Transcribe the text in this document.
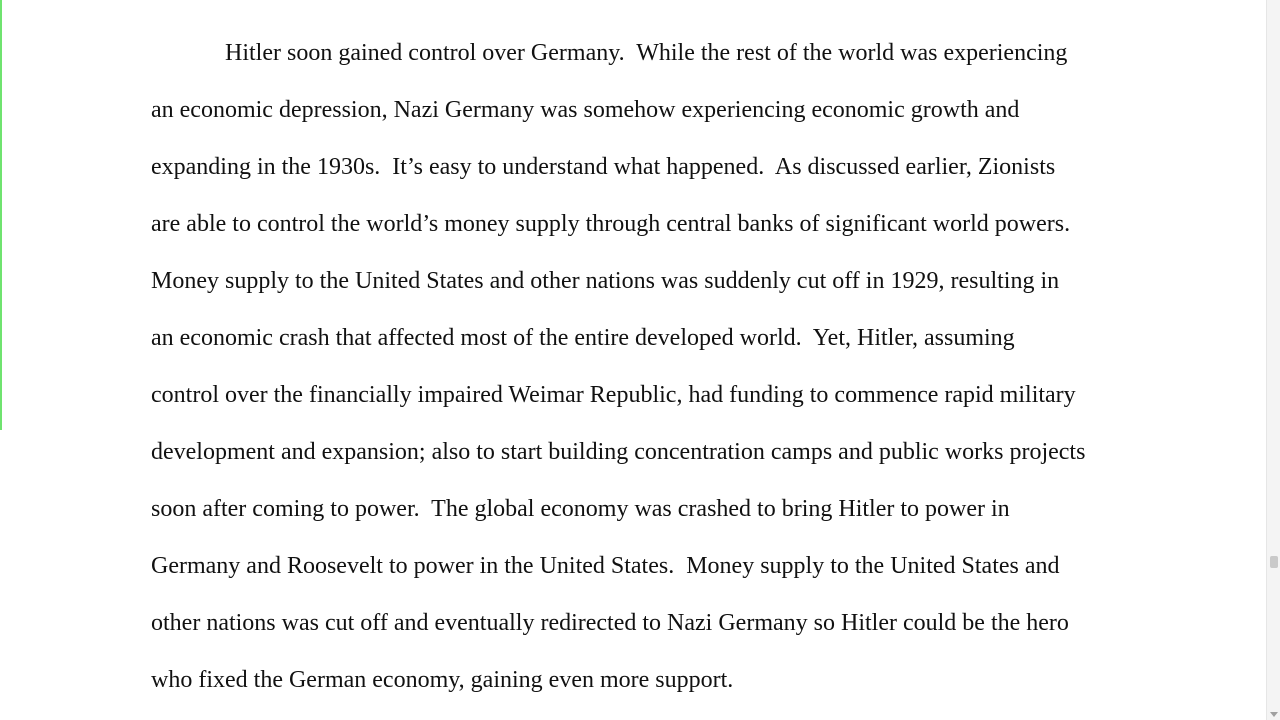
Hitler soon gained control over Germany.  While the rest of the world was experiencing
an economic depression, Nazi Germany was somehow experiencing economic growth and
expanding in the 1930s.  It’s easy to understand what happened.  As discussed earlier, Zionists
are able to control the world’s money supply through central banks of significant world powers.
Money supply to the United States and other nations was suddenly cut off in 1929, resulting in
an economic crash that affected most of the entire developed world.  Yet, Hitler, assuming
control over the financially impaired Weimar Republic, had funding to commence rapid military
development and expansion; also to start building concentration camps and public works projects
soon after coming to power.  The global economy was crashed to bring Hitler to power in
Germany and Roosevelt to power in the United States.  Money supply to the United States and
other nations was cut off and eventually redirected to Nazi Germany so Hitler could be the hero
who fixed the German economy, gaining even more support.
